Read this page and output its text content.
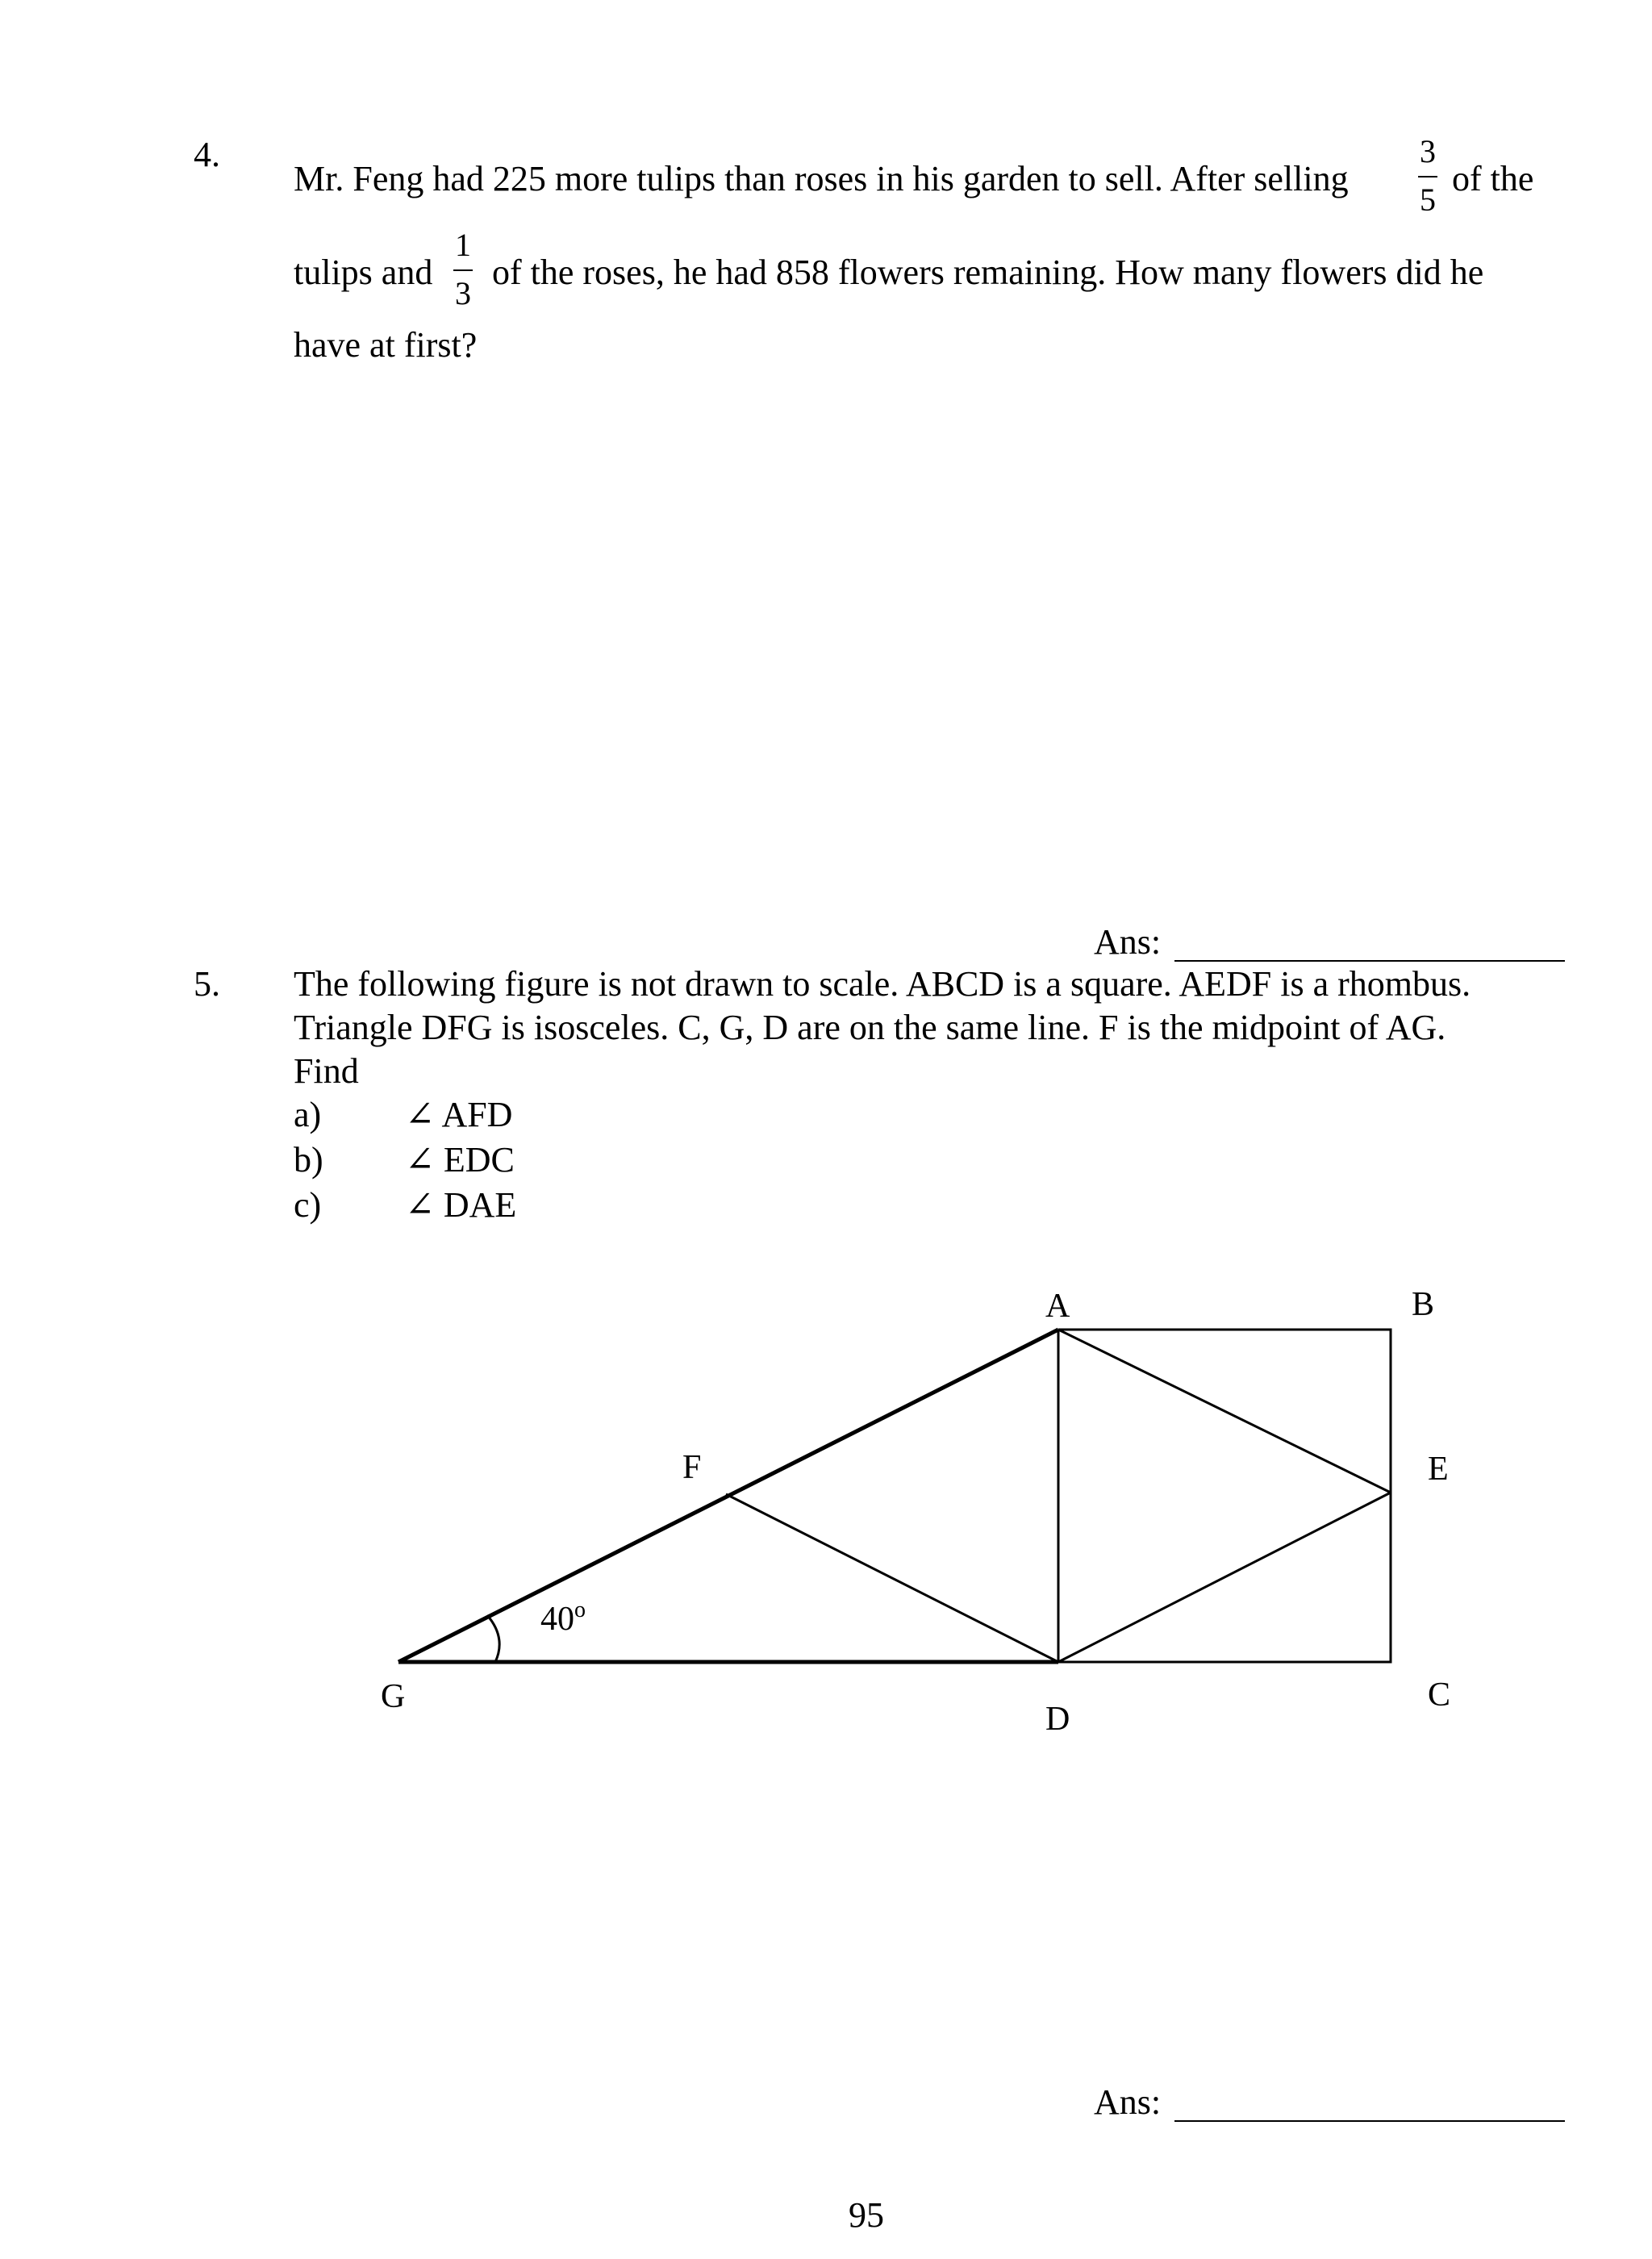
4.
Mr. Feng had 225 more tulips than roses in his garden to sell. After selling
3
5
of the
tulips and
1
3
of the roses, he had 858 flowers remaining. How many flowers did he
have at first?
Ans:
5. The following figure is not drawn to scale. ABCD is a square. AEDF is a rhombus.
Triangle DFG is isosceles. C, G, D are on the same line. F is the midpoint of AG.
Find
a) ∠ AFD
b) ∠ EDC
c) ∠ DAE
A	B
E
C
D
F
G
40$^o$
Ans:
95
